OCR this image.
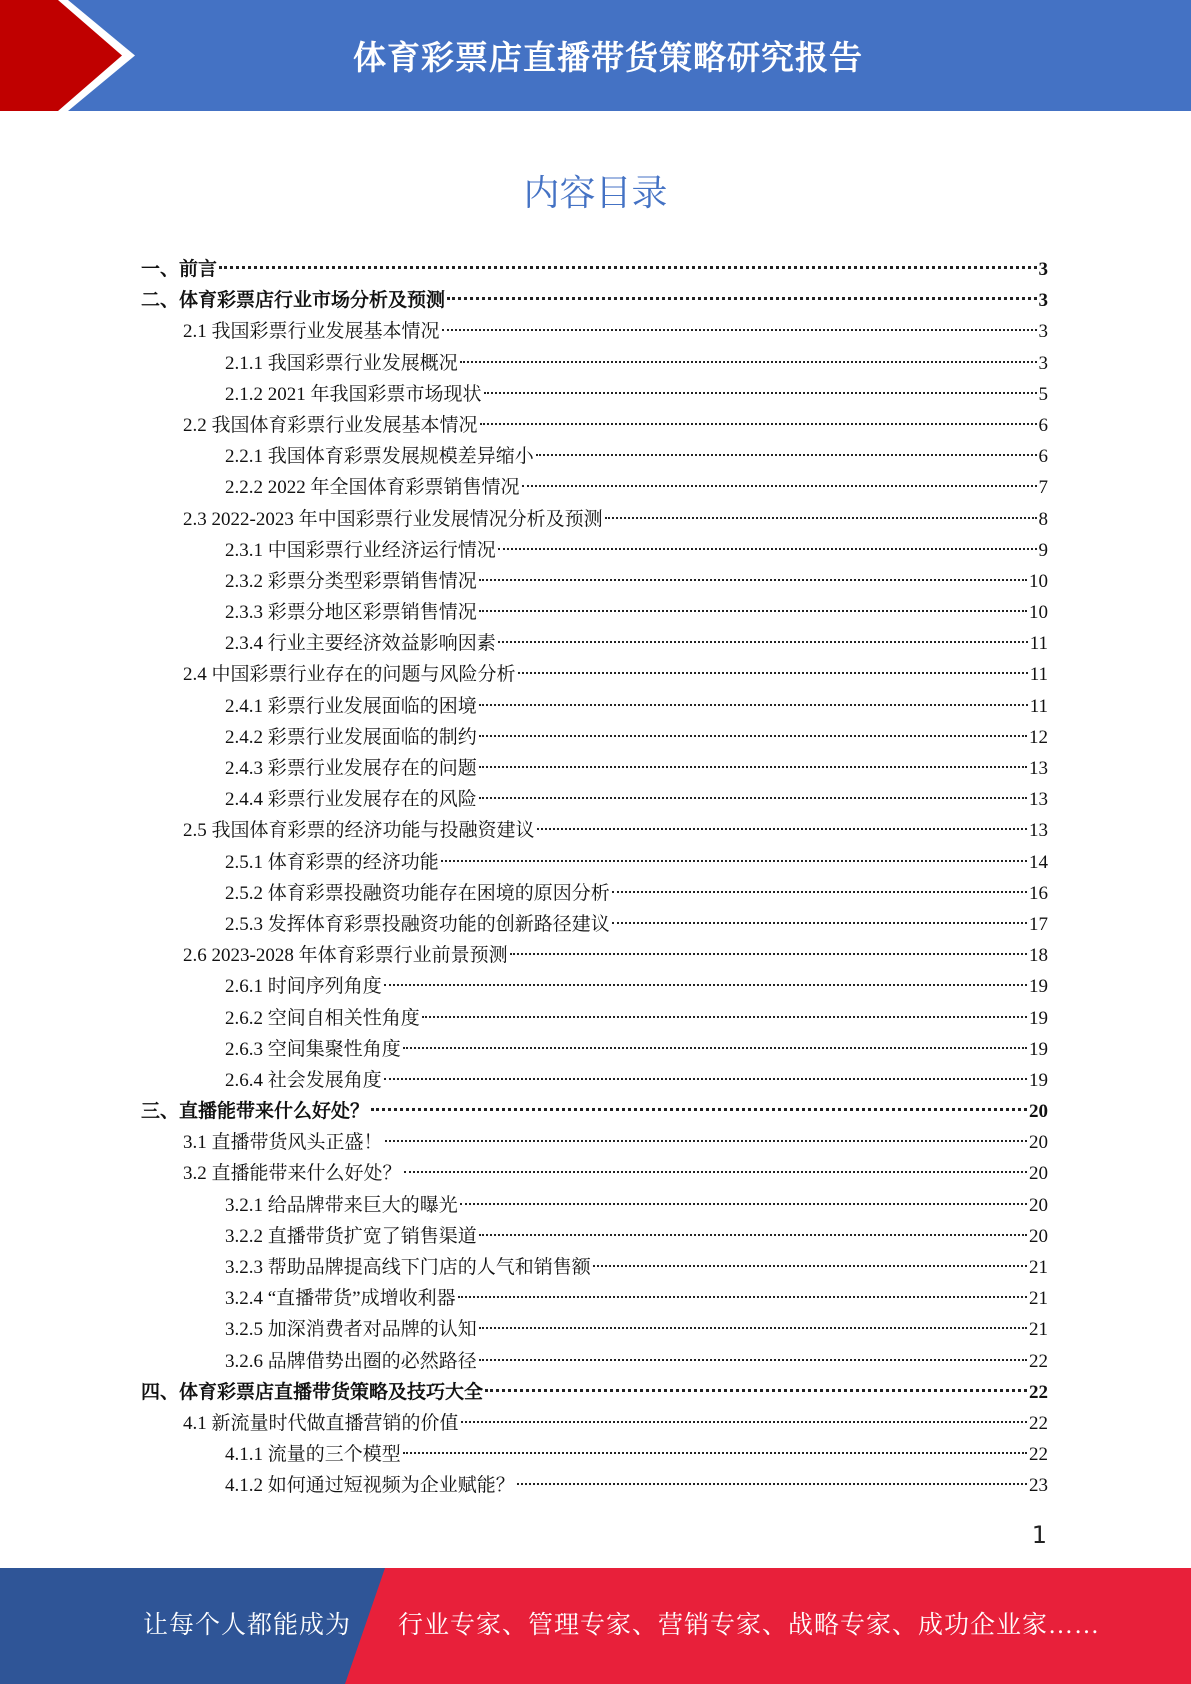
体育彩票店直播带货策略研究报告
内容目录
一、前言	3
二、体育彩票店行业市场分析及预测	3
2.1 我国彩票行业发展基本情况	3
2.1.1 我国彩票行业发展概况	3
2.1.2 2021 年我国彩票市场现状	5
2.2 我国体育彩票行业发展基本情况	6
2.2.1 我国体育彩票发展规模差异缩小	6
2.2.2 2022 年全国体育彩票销售情况	7
2.3 2022-2023 年中国彩票行业发展情况分析及预测	8
2.3.1 中国彩票行业经济运行情况	9
2.3.2 彩票分类型彩票销售情况	10
2.3.3 彩票分地区彩票销售情况	10
2.3.4 行业主要经济效益影响因素	11
2.4 中国彩票行业存在的问题与风险分析	11
2.4.1 彩票行业发展面临的困境	11
2.4.2 彩票行业发展面临的制约	12
2.4.3 彩票行业发展存在的问题	13
2.4.4 彩票行业发展存在的风险	13
2.5 我国体育彩票的经济功能与投融资建议	13
2.5.1 体育彩票的经济功能	14
2.5.2 体育彩票投融资功能存在困境的原因分析	16
2.5.3 发挥体育彩票投融资功能的创新路径建议	17
2.6 2023-2028 年体育彩票行业前景预测	18
2.6.1 时间序列角度	19
2.6.2 空间自相关性角度	19
2.6.3 空间集聚性角度	19
2.6.4 社会发展角度	19
三、直播能带来什么好处？	20
3.1 直播带货风头正盛！	20
3.2 直播能带来什么好处？	20
3.2.1 给品牌带来巨大的曝光	20
3.2.2 直播带货扩宽了销售渠道	20
3.2.3 帮助品牌提高线下门店的人气和销售额	21
3.2.4 “直播带货”成增收利器	21
3.2.5 加深消费者对品牌的认知	21
3.2.6 品牌借势出圈的必然路径	22
四、体育彩票店直播带货策略及技巧大全	22
4.1 新流量时代做直播营销的价值	22
4.1.1 流量的三个模型	22
4.1.2 如何通过短视频为企业赋能？	23
1
让每个人都能成为 行业专家、管理专家、营销专家、战略专家、成功企业家……
